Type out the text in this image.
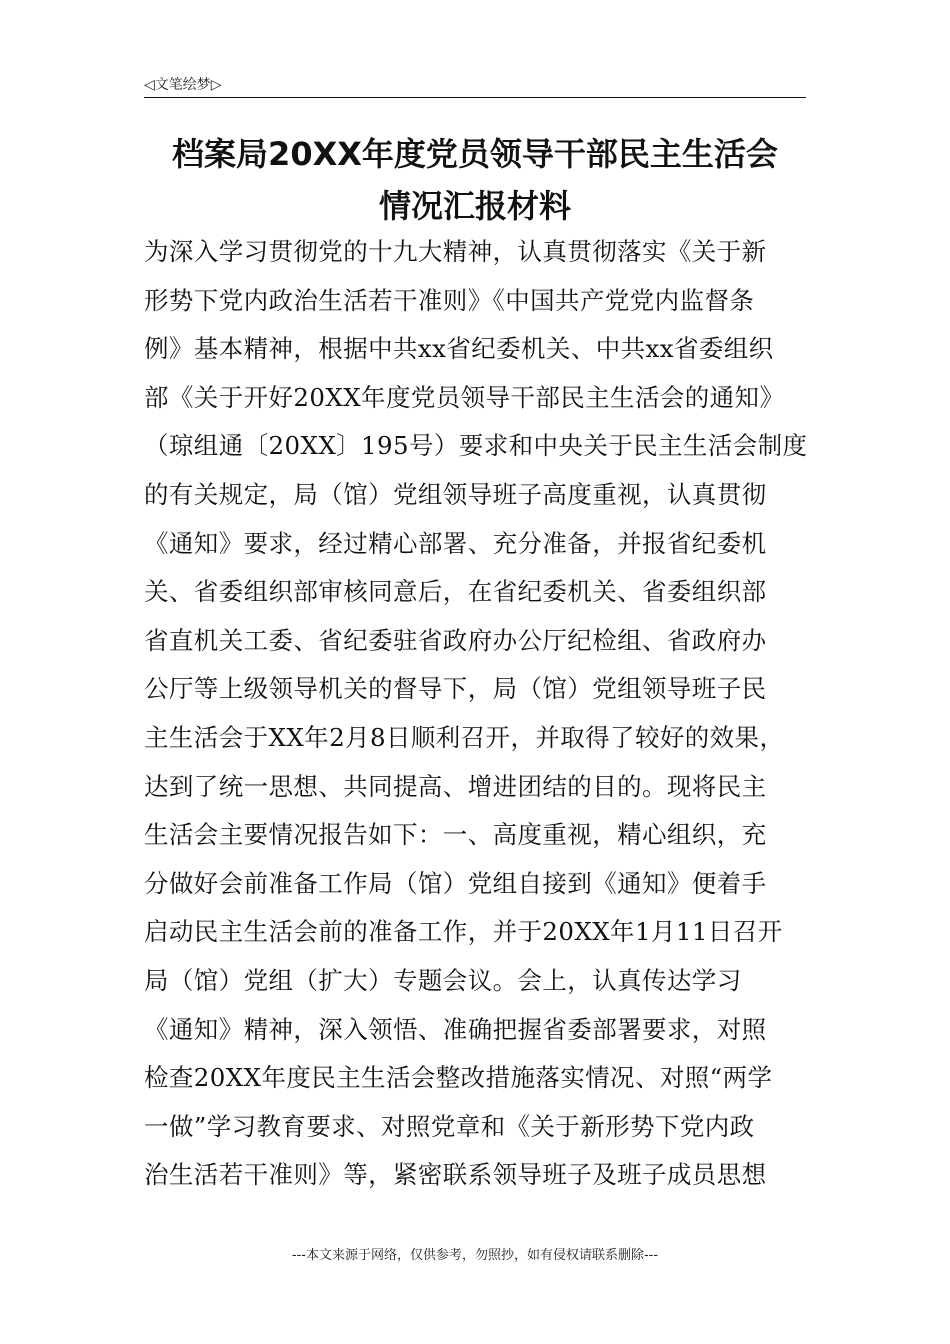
◁文笔绘梦▷
档案局20XX年度党员领导干部民主生活会
情况汇报材料
为深入学习贯彻党的十九大精神，认真贯彻落实《关于新
形势下党内政治生活若干准则》《中国共产党党内监督条
例》基本精神，根据中共xx省纪委机关、中共xx省委组织
部《关于开好20XX年度党员领导干部民主生活会的通知》
（琼组通〔20XX〕195号）要求和中央关于民主生活会制度
的有关规定，局（馆）党组领导班子高度重视，认真贯彻
《通知》要求，经过精心部署、充分准备，并报省纪委机
关、省委组织部审核同意后，在省纪委机关、省委组织部
省直机关工委、省纪委驻省政府办公厅纪检组、省政府办
公厅等上级领导机关的督导下，局（馆）党组领导班子民
主生活会于XX年2月8日顺利召开，并取得了较好的效果，
达到了统一思想、共同提高、增进团结的目的。现将民主
生活会主要情况报告如下：一、高度重视，精心组织，充
分做好会前准备工作局（馆）党组自接到《通知》便着手
启动民主生活会前的准备工作，并于20XX年1月11日召开
局（馆）党组（扩大）专题会议。会上，认真传达学习
《通知》精神，深入领悟、准确把握省委部署要求，对照
检查20XX年度民主生活会整改措施落实情况、对照“两学
一做”学习教育要求、对照党章和《关于新形势下党内政
治生活若干准则》等，紧密联系领导班子及班子成员思想
---本文来源于网络，仅供参考，勿照抄，如有侵权请联系删除---
